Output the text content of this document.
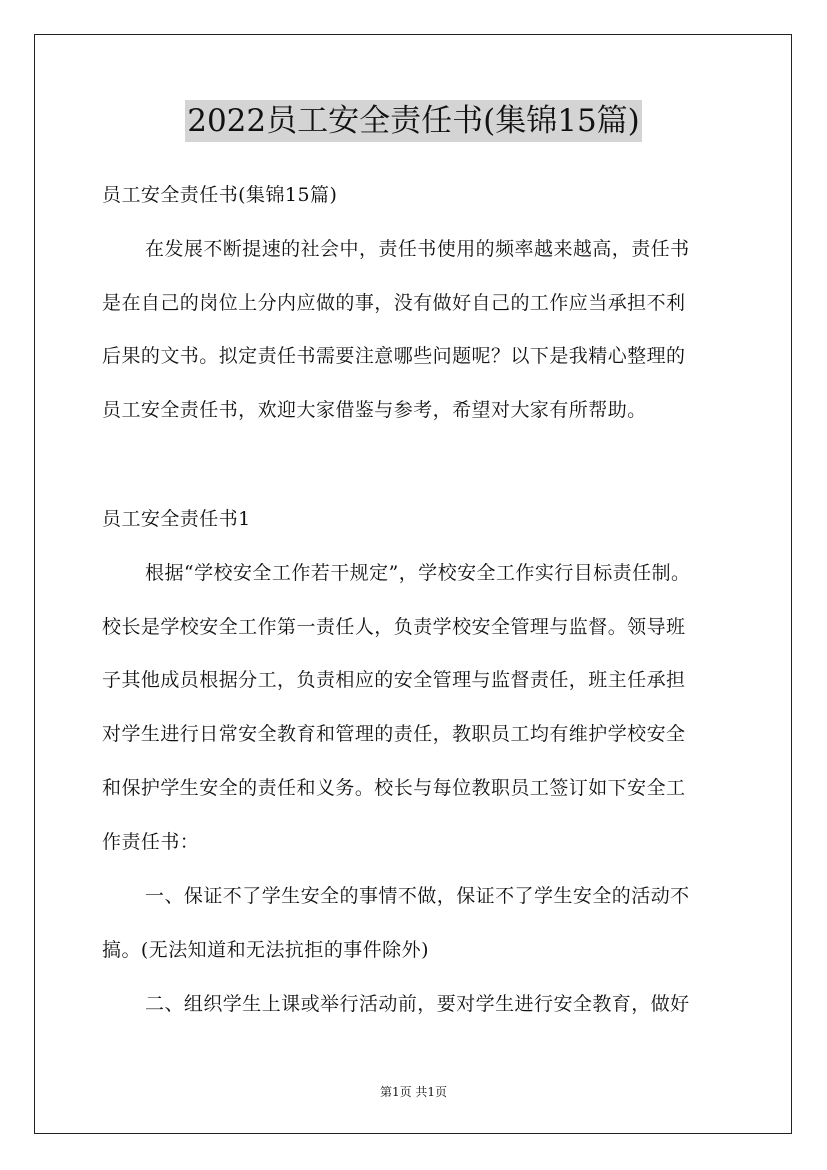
2022员工安全责任书(集锦15篇)
员工安全责任书(集锦15篇)
在发展不断提速的社会中，责任书使用的频率越来越高，责任书
是在自己的岗位上分内应做的事，没有做好自己的工作应当承担不利
后果的文书。拟定责任书需要注意哪些问题呢？以下是我精心整理的
员工安全责任书，欢迎大家借鉴与参考，希望对大家有所帮助。
员工安全责任书1
根据“学校安全工作若干规定”，学校安全工作实行目标责任制。
校长是学校安全工作第一责任人，负责学校安全管理与监督。领导班
子其他成员根据分工，负责相应的安全管理与监督责任，班主任承担
对学生进行日常安全教育和管理的责任，教职员工均有维护学校安全
和保护学生安全的责任和义务。校长与每位教职员工签订如下安全工
作责任书：
一、保证不了学生安全的事情不做，保证不了学生安全的活动不
搞。(无法知道和无法抗拒的事件除外)
二、组织学生上课或举行活动前，要对学生进行安全教育，做好
第1页 共1页
